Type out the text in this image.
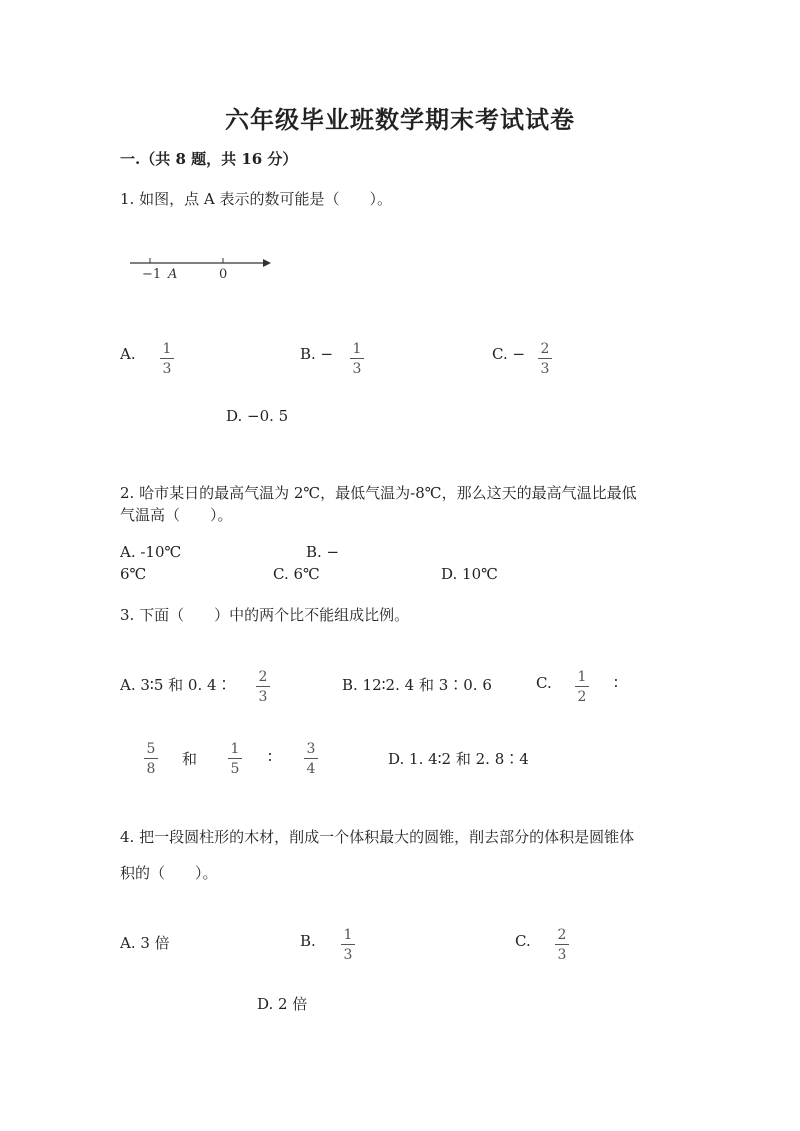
六年级毕业班数学期末考试试卷
一.（共 8 题，共 16 分）
1. 如图，点 A 表示的数可能是（　　）。
−1 A	0
A. 1
3
B. − 1
3
C. − 2
3
D. −0. 5
2. 哈市某日的最高气温为 2℃，最低气温为-8℃，那么这天的最高气温比最低
气温高（　　）。
A. -10℃	B. −
6℃	C. 6℃	D. 10℃
3. 下面（　　）中的两个比不能组成比例。
A. 3∶5 和 0. 4∶ 2
3
B. 12∶2. 4 和 3∶0. 6	C. 1
2
∶
5
8
和
1
5
∶ 3
4
D. 1. 4∶2 和 2. 8∶4
4. 把一段圆柱形的木材，削成一个体积最大的圆锥，削去部分的体积是圆锥体
积的（　　）。
A. 3 倍	B. 1
3
C. 2
3
D. 2 倍
